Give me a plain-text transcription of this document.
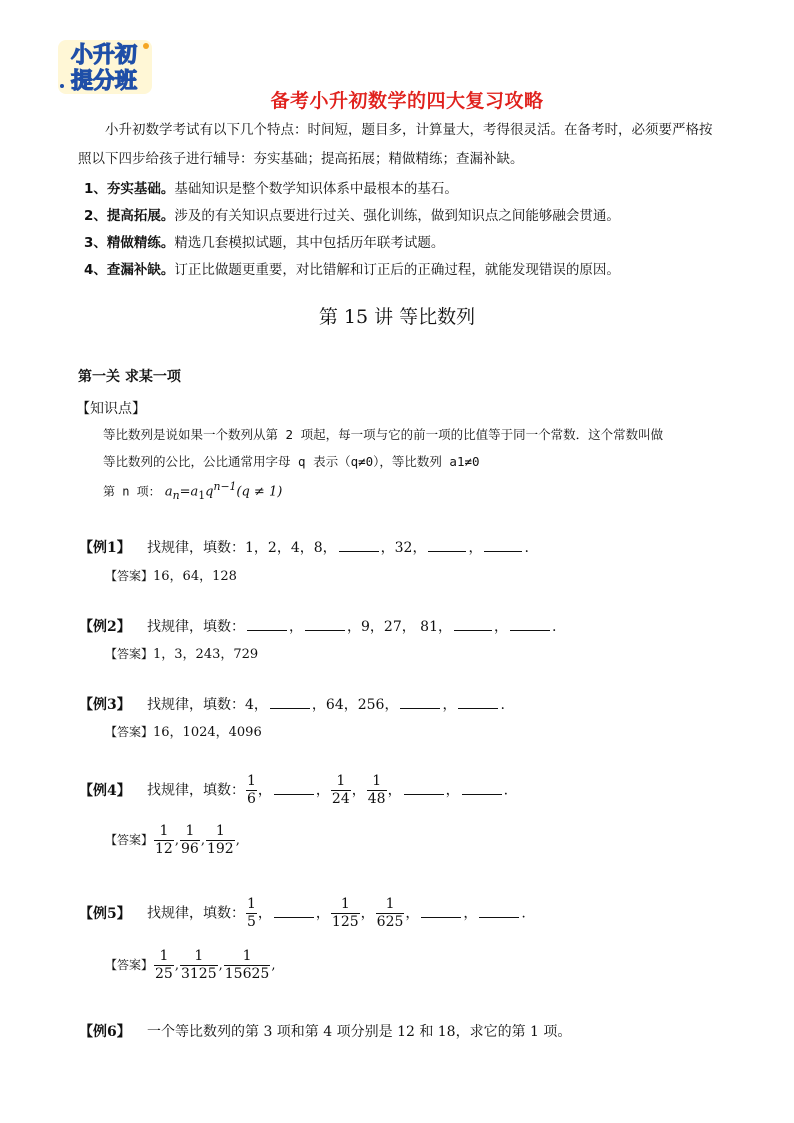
小升初
提分班
备考小升初数学的四大复习攻略
小升初数学考试有以下几个特点：时间短，题目多，计算量大，考得很灵活。在备考时，必须要严格按照以下四步给孩子进行辅导：夯实基础；提高拓展；精做精练；查漏补缺。
1、夯实基础。基础知识是整个数学知识体系中最根本的基石。
2、提高拓展。涉及的有关知识点要进行过关、强化训练，做到知识点之间能够融会贯通。
3、精做精练。精选几套模拟试题，其中包括历年联考试题。
4、查漏补缺。订正比做题更重要，对比错解和订正后的正确过程，就能发现错误的原因。
第 15 讲 等比数列
第一关 求某一项
【知识点】
等比数列是说如果一个数列从第 2 项起，每一项与它的前一项的比值等于同一个常数．这个常数叫做
等比数列的公比，公比通常用字母 q 表示（q≠0），等比数列 a1≠0
第 n 项： $a_n=a_1q^{n-1}(q \ne 1)$
【例1】 找规律，填数：1，2，4，8，	，32，	，	.
【答案】16，64，128
【例2】 找规律，填数：	，	，9，27， 81，	，	.
【答案】1，3，243，729
【例3】 找规律，填数：4，	，64，256，	，	.
【答案】16，1024，4096
【例4】 找规律，填数： $\frac{1}{6}$ ，	， $\frac{1}{24}$ ， $\frac{1}{48}$ ，	，	.
【答案】 $\frac{1}{12}$ , $\frac{1}{96}$ , $\frac{1}{192}$ ,
【例5】 找规律，填数： $\frac{1}{5}$ ，	， $\frac{1}{125}$ ， $\frac{1}{625}$ ，	，	.
【答案】 $\frac{1}{25}$ , $\frac{1}{3125}$ , $\frac{1}{15625}$ ,
【例6】 一个等比数列的第 3 项和第 4 项分别是 12 和 18，求它的第 1 项。
